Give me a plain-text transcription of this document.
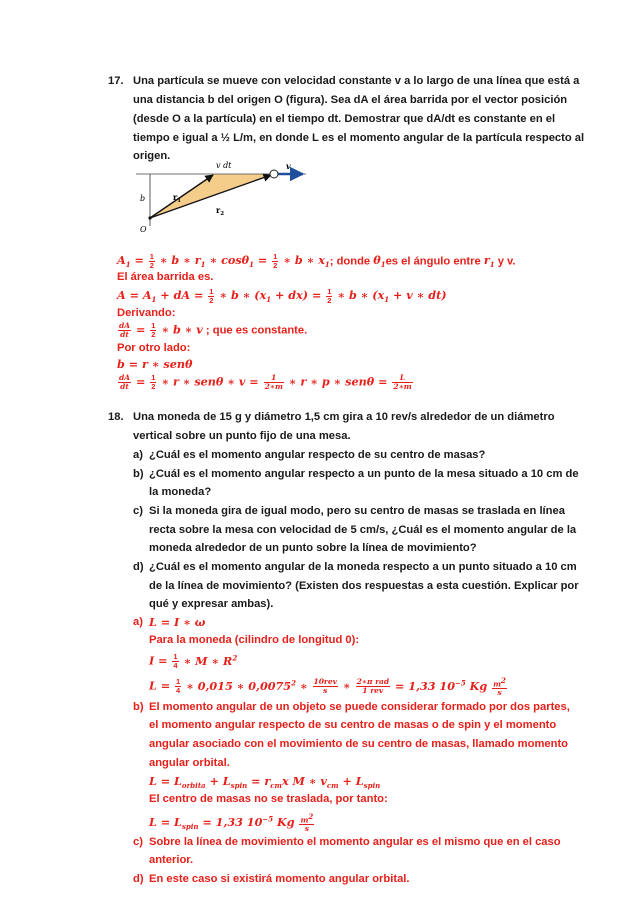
17. Una partícula se mueve con velocidad constante v a lo largo de una línea que está a
una distancia b del origen O (figura). Sea dA el área barrida por el vector posición
(desde O a la partícula) en el tiempo dt. Demostrar que dA/dt es constante en el
tiempo e igual a ½ L/m, en donde L es el momento angular de la partícula respecto al
origen.
v dt	v
b	$r_1$
$r_2$
O
$A_1 = \frac{1}{2}$ ∗ b ∗ $r_1$ ∗ $\cos\theta_1 = \frac{1}{2}$ ∗ b ∗ $x_1$; donde $\theta_1es$ el ángulo entre $r_1$ y v.
El área barrida es.
$A = A_1$ + dA = $\frac{1}{2}$ ∗ b ∗ $(x_1 + dx) = \frac{1}{2}$ ∗ b ∗ ($x_1 + v$ ∗ dt)
Derivando:
$\frac{dA}{dt} = \frac{1}{2}$ ∗ b ∗ v ; que es constante.
Por otro lado:
b = r ∗ senθ
$\frac{dA}{dt} = \frac{1}{2}$ ∗ r ∗ senθ ∗ $v = \frac{1}{2∗m}$ ∗ r ∗ p ∗ $sen\theta = \frac{L}{2∗m}$
18. Una moneda de 15 g y diámetro 1,5 cm gira a 10 rev/s alrededor de un diámetro
vertical sobre un punto fijo de una mesa.
a) ¿Cuál es el momento angular respecto de su centro de masas?
b) ¿Cuál es el momento angular respecto a un punto de la mesa situado a 10 cm de
la moneda?
c) Si la moneda gira de igual modo, pero su centro de masas se traslada en línea
recta sobre la mesa con velocidad de 5 cm/s, ¿Cuál es el momento angular de la
moneda alrededor de un punto sobre la línea de movimiento?
d) ¿Cuál es el momento angular de la moneda respecto a un punto situado a 10 cm
de la línea de movimiento? (Existen dos respuestas a esta cuestión. Explicar por
qué y expresar ambas).
a) L = I ∗ ω
Para la moneda (cilindro de longitud 0):
$I = \frac{1}{4}$ ∗ M ∗ $R^2$
$L = \frac{1}{4}$ ∗ 0,015 ∗ 0,0075$^2$ ∗ $\frac{\text{10rev}}{s}$ ∗ $\frac{\text{2∗π rad}}{\text{1 rev}} = 1,33$ $10^{-5}$ Kg $\frac{m^2}{s}$
b) El momento angular de un objeto se puede considerar formado por dos partes,
el momento angular respecto de su centro de masas o de spin y el momento
angular asociado con el movimiento de su centro de masas, llamado momento
angular orbital.
$L = L_{orbita} + L_{spin} = r_{cm}x$ M ∗ $v_{cm} + L_{spin}$
El centro de masas no se traslada, por tanto:
$L = L_{spin} = 1,33$ $10^{-5}$ Kg $\frac{m^2}{s}$
c) Sobre la línea de movimiento el momento angular es el mismo que en el caso
anterior.
d) En este caso si existirá momento angular orbital.
